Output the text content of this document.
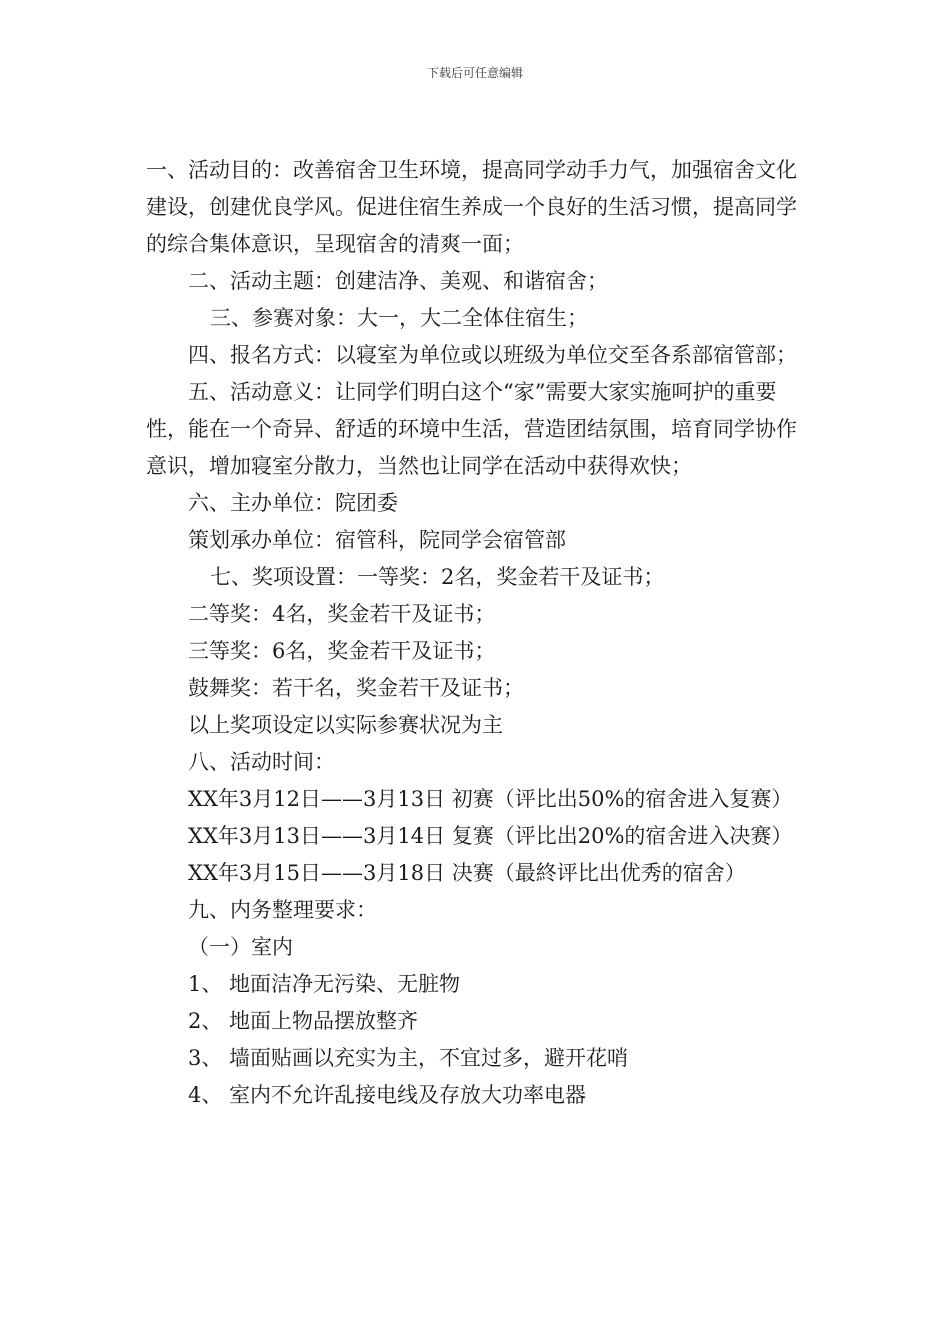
下载后可任意编辑

一、活动目的：改善宿舍卫生环境，提高同学动手力气，加强宿舍文化建设，创建优良学风。促进住宿生养成一个良好的生活习惯，提高同学的综合集体意识，呈现宿舍的清爽一面；

二、活动主题：创建洁净、美观、和谐宿舍；

三、参赛对象：大一，大二全体住宿生；

四、报名方式：以寝室为单位或以班级为单位交至各系部宿管部；

五、活动意义：让同学们明白这个“家”需要大家实施呵护的重要性，能在一个奇异、舒适的环境中生活，营造团结氛围，培育同学协作意识，增加寝室分散力，当然也让同学在活动中获得欢快；

六、主办单位：院团委

策划承办单位：宿管科，院同学会宿管部

七、奖项设置：一等奖：2名，奖金若干及证书；

二等奖：4名，奖金若干及证书；

三等奖：6名，奖金若干及证书；

鼓舞奖：若干名，奖金若干及证书；

以上奖项设定以实际参赛状况为主

八、活动时间：

XX年3月12日——3月13日 初赛（评比出50%的宿舍进入复赛）

XX年3月13日——3月14日 复赛（评比出20%的宿舍进入决赛）

XX年3月15日——3月18日 决赛（最終评比出优秀的宿舍）

九、内务整理要求：

（一）室内

1、 地面洁净无污染、无脏物

2、 地面上物品摆放整齐

3、 墙面贴画以充实为主，不宜过多，避开花哨

4、 室内不允许乱接电线及存放大功率电器
